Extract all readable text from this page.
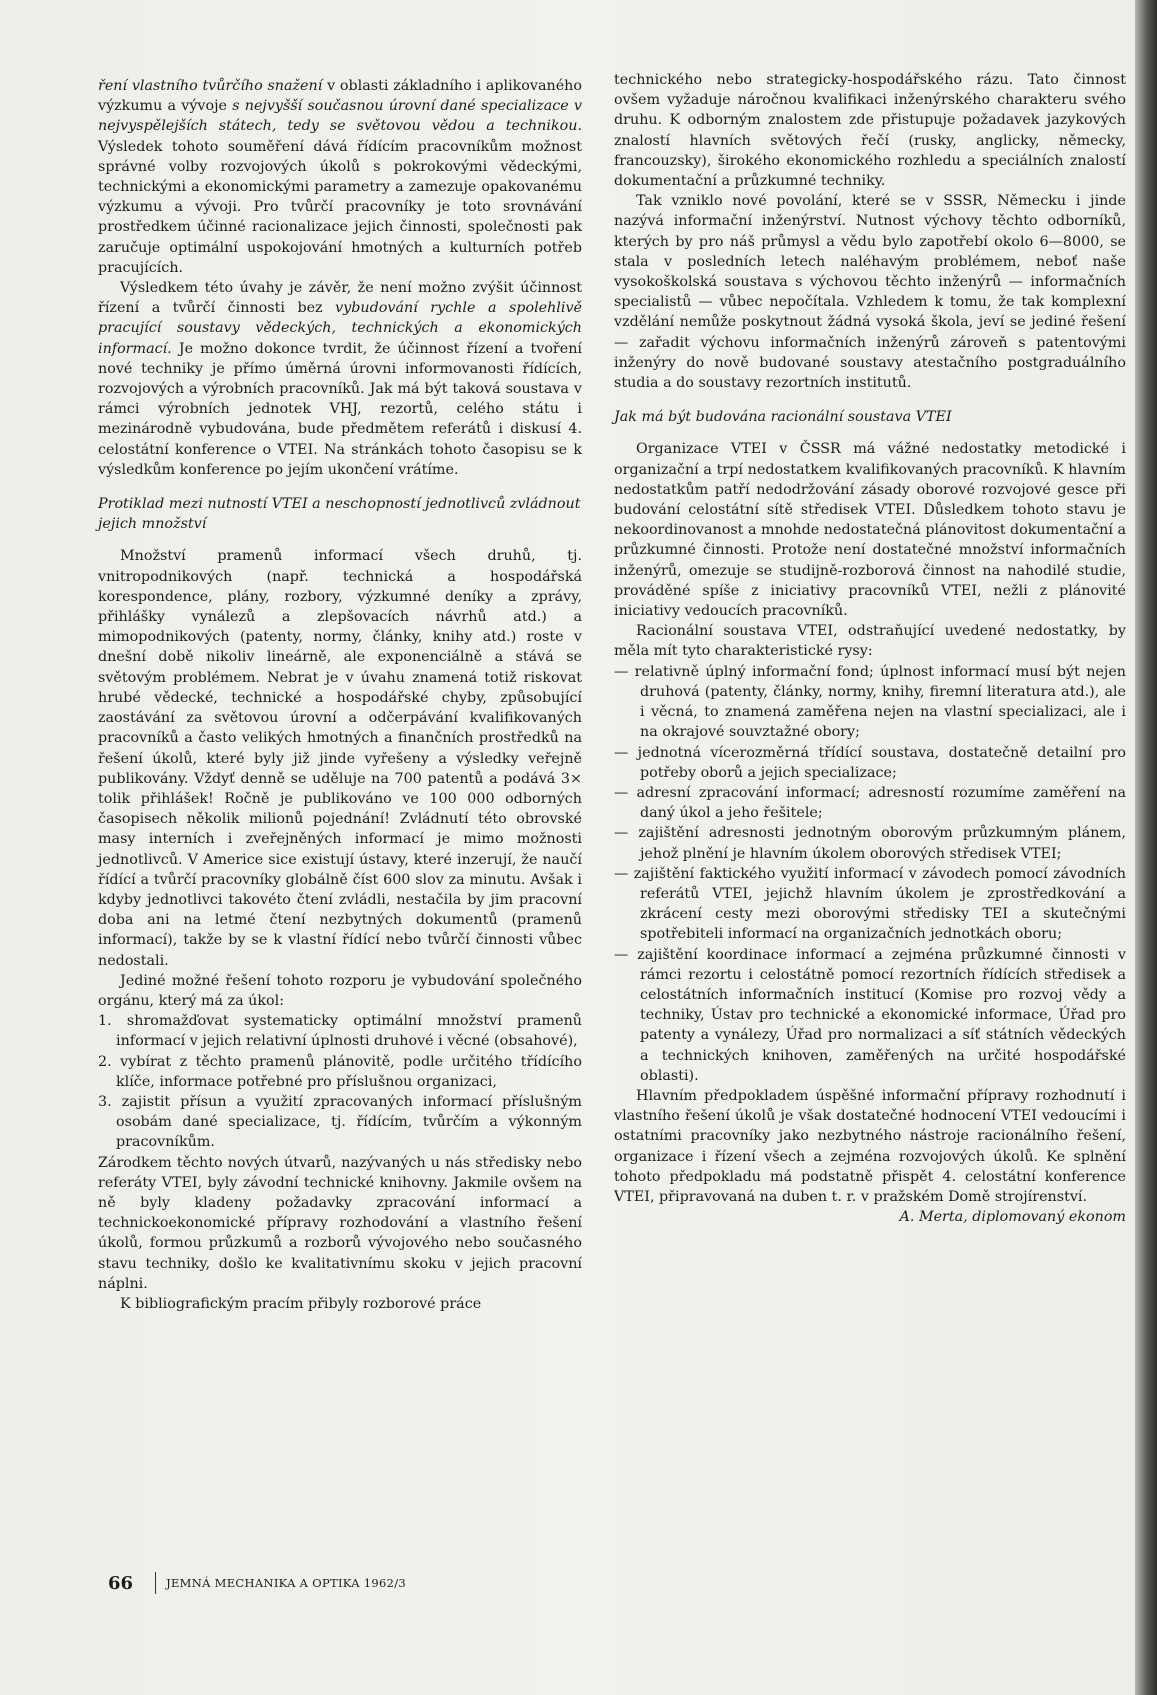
ření vlastního tvůrčího snažení v oblasti základního i aplikovaného výzkumu a vývoje s nejvyšší současnou úrovní dané specializace v nejvyspělejších státech, tedy se světovou vědou a technikou. Výsledek tohoto souměření dává řídícím pracovníkům možnost správné volby rozvojových úkolů s pokrokovými vědeckými, technickými a ekonomickými parametry a zamezuje opakovanému výzkumu a vývoji. Pro tvůrčí pracovníky je toto srovnávání prostředkem účinné racionalizace jejich činnosti, společnosti pak zaručuje optimální uspokojování hmotných a kulturních potřeb pracujících.

Výsledkem této úvahy je závěr, že není možno zvýšit účinnost řízení a tvůrčí činnosti bez vybudování rychle a spolehlivě pracující soustavy vědeckých, technických a ekonomických informací. Je možno dokonce tvrdit, že účinnost řízení a tvoření nové techniky je přímo úměrná úrovni informovanosti řídících, rozvojových a výrobních pracovníků. Jak má být taková soustava v rámci výrobních jednotek VHJ, rezortů, celého státu i mezinárodně vybudována, bude předmětem referátů i diskusí 4. celostátní konference o VTEI. Na stránkách tohoto časopisu se k výsledkům konference po jejím ukončení vrátíme.

Protiklad mezi nutností VTEI a neschopností jednotlivců zvládnout jejich množství

Množství pramenů informací všech druhů, tj. vnitropodnikových (např. technická a hospodářská korespondence, plány, rozbory, výzkumné deníky a zprávy, přihlášky vynálezů a zlepšovacích návrhů atd.) a mimopodnikových (patenty, normy, články, knihy atd.) roste v dnešní době nikoliv lineárně, ale exponenciálně a stává se světovým problémem. Nebrat je v úvahu znamená totiž riskovat hrubé vědecké, technické a hospodářské chyby, způsobující zaostávání za světovou úrovní a odčerpávání kvalifikovaných pracovníků a často velikých hmotných a finančních prostředků na řešení úkolů, které byly již jinde vyřešeny a výsledky veřejně publikovány. Vždyť denně se uděluje na 700 patentů a podává 3× tolik přihlášek! Ročně je publikováno ve 100 000 odborných časopisech několik milionů pojednání! Zvládnutí této obrovské masy interních i zveřejněných informací je mimo možnosti jednotlivců. V Americe sice existují ústavy, které inzerují, že naučí řídící a tvůrčí pracovníky globálně číst 600 slov za minutu. Avšak i kdyby jednotlivci takovéto čtení zvládli, nestačila by jim pracovní doba ani na letmé čtení nezbytných dokumentů (pramenů informací), takže by se k vlastní řídící nebo tvůrčí činnosti vůbec nedostali.

Jediné možné řešení tohoto rozporu je vybudování společného orgánu, který má za úkol:

1. shromažďovat systematicky optimální množství pramenů informací v jejich relativní úplnosti druhové i věcné (obsahové),

2. vybírat z těchto pramenů plánovitě, podle určitého třídícího klíče, informace potřebné pro příslušnou organizaci,

3. zajistit přísun a využití zpracovaných informací příslušným osobám dané specializace, tj. řídícím, tvůrčím a výkonným pracovníkům.

Zárodkem těchto nových útvarů, nazývaných u nás středisky nebo referáty VTEI, byly závodní technické knihovny. Jakmile ovšem na ně byly kladeny požadavky zpracování informací a technickoekonomické přípravy rozhodování a vlastního řešení úkolů, formou průzkumů a rozborů vývojového nebo současného stavu techniky, došlo ke kvalitativnímu skoku v jejich pracovní náplni.

K bibliografickým pracím přibyly rozborové práce

technického nebo strategicky-hospodářského rázu. Tato činnost ovšem vyžaduje náročnou kvalifikaci inženýrského charakteru svého druhu. K odborným znalostem zde přistupuje požadavek jazykových znalostí hlavních světových řečí (rusky, anglicky, německy, francouzsky), širokého ekonomického rozhledu a speciálních znalostí dokumentační a průzkumné techniky.

Tak vzniklo nové povolání, které se v SSSR, Německu i jinde nazývá informační inženýrství. Nutnost výchovy těchto odborníků, kterých by pro náš průmysl a vědu bylo zapotřebí okolo 6—8000, se stala v posledních letech naléhavým problémem, neboť naše vysokoškolská soustava s výchovou těchto inženýrů — informačních specialistů — vůbec nepočítala. Vzhledem k tomu, že tak komplexní vzdělání nemůže poskytnout žádná vysoká škola, jeví se jediné řešení — zařadit výchovu informačních inženýrů zároveň s patentovými inženýry do nově budované soustavy atestačního postgraduálního studia a do soustavy rezortních institutů.

Jak má být budována racionální soustava VTEI

Organizace VTEI v ČSSR má vážné nedostatky metodické i organizační a trpí nedostatkem kvalifikovaných pracovníků. K hlavním nedostatkům patří nedodržování zásady oborové rozvojové gesce při budování celostátní sítě středisek VTEI. Důsledkem tohoto stavu je nekoordinovanost a mnohde nedostatečná plánovitost dokumentační a průzkumné činnosti. Protože není dostatečné množství informačních inženýrů, omezuje se studijně-rozborová činnost na nahodilé studie, prováděné spíše z iniciativy pracovníků VTEI, nežli z plánovité iniciativy vedoucích pracovníků.

Racionální soustava VTEI, odstraňující uvedené nedostatky, by měla mít tyto charakteristické rysy:

— relativně úplný informační fond; úplnost informací musí být nejen druhová (patenty, články, normy, knihy, firemní literatura atd.), ale i věcná, to znamená zaměřena nejen na vlastní specializaci, ale i na okrajové souvztažné obory;

— jednotná vícerozměrná třídící soustava, dostatečně detailní pro potřeby oborů a jejich specializace;

— adresní zpracování informací; adresností rozumíme zaměření na daný úkol a jeho řešitele;

— zajištění adresnosti jednotným oborovým průzkumným plánem, jehož plnění je hlavním úkolem oborových středisek VTEI;

— zajištění faktického využití informací v závodech pomocí závodních referátů VTEI, jejichž hlavním úkolem je zprostředkování a zkrácení cesty mezi oborovými středisky TEI a skutečnými spotřebiteli informací na organizačních jednotkách oboru;

— zajištění koordinace informací a zejména průzkumné činnosti v rámci rezortu i celostátně pomocí rezortních řídících středisek a celostátních informačních institucí (Komise pro rozvoj vědy a techniky, Ústav pro technické a ekonomické informace, Úřad pro patenty a vynálezy, Úřad pro normalizaci a síť státních vědeckých a technických knihoven, zaměřených na určité hospodářské oblasti).

Hlavním předpokladem úspěšné informační přípravy rozhodnutí i vlastního řešení úkolů je však dostatečné hodnocení VTEI vedoucími i ostatními pracovníky jako nezbytného nástroje racionálního řešení, organizace i řízení všech a zejména rozvojových úkolů. Ke splnění tohoto předpokladu má podstatně přispět 4. celostátní konference VTEI, připravovaná na duben t. r. v pražském Domě strojírenství.

A. Merta, diplomovaný ekonom

66	JEMNÁ MECHANIKA A OPTIKA 1962/3
